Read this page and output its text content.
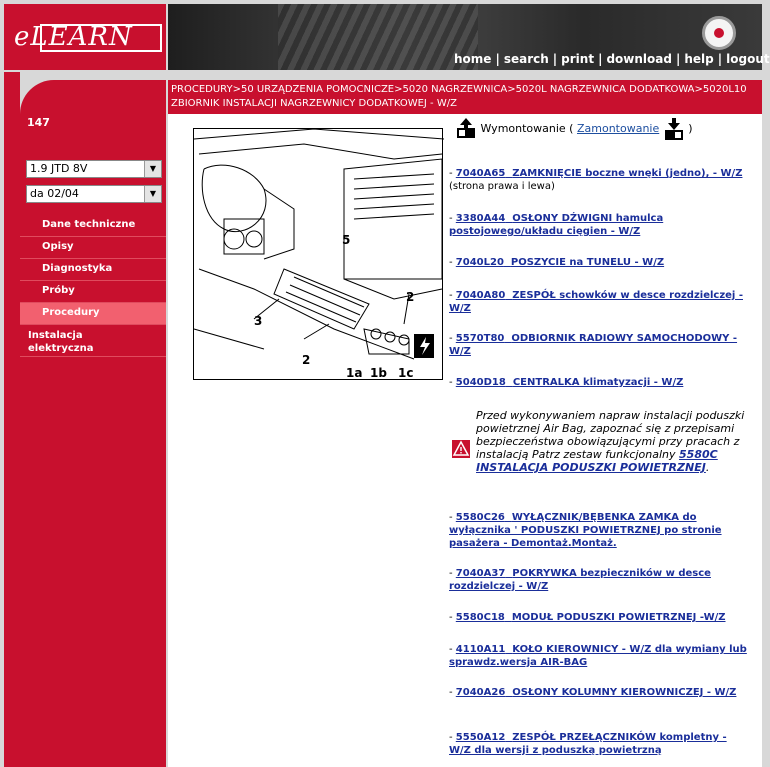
eLEARN
home | search | print | download | help | logout
PROCEDURY>50 URZĄDZENIA POMOCNICZE>5020 NAGRZEWNICA>5020L NAGRZEWNICA DODATKOWA>5020L10 ZBIORNIK INSTALACJI NAGRZEWNICY DODATKOWEJ - W/Z
147
1.9 JTD 8V	▼
da 02/04	▼
Dane techniczne
Opisy
Diagnostyka
Próby
Procedury
Instalacja elektryczna
3
2
2
1a 1b 1c
5
Wymontowanie ( Zamontowanie	)
- 7040A65 ZAMKNIĘCIE boczne wnęki (jedno), - W/Z (strona prawa i lewa)
- 3380A44 OSŁONY DŹWIGNI hamulca postojowego/układu cięgien - W/Z
- 7040L20 POSZYCIE na TUNELU - W/Z
- 7040A80 ZESPÓŁ schowków w desce rozdzielczej - W/Z
- 5570T80 ODBIORNIK RADIOWY SAMOCHODOWY -W/Z
- 5040D18 CENTRALKA klimatyzacji - W/Z
Przed wykonywaniem napraw instalacji poduszki powietrznej Air Bag, zapoznać się z przepisami bezpieczeństwa obowiązującymi przy pracach z instalacją Patrz zestaw funkcjonalny 5580C INSTALACJA PODUSZKI POWIETRZNEJ.
- 5580C26 WYŁĄCZNIK/BĘBENKA ZAMKA do wyłącznika ' PODUSZKI POWIETRZNEJ po stronie pasażera - Demontaż.Montaż.
- 7040A37 POKRYWKA bezpieczników w desce rozdzielczej - W/Z
- 5580C18 MODUŁ PODUSZKI POWIETRZNEJ -W/Z
- 4110A11 KOŁO KIEROWNICY - W/Z dla wymiany lub sprawdz.wersja AIR-BAG
- 7040A26 OSŁONY KOLUMNY KIEROWNICZEJ - W/Z
- 5550A12 ZESPÓŁ PRZEŁĄCZNIKÓW kompletny - W/Z dla wersji z poduszką powietrzną
